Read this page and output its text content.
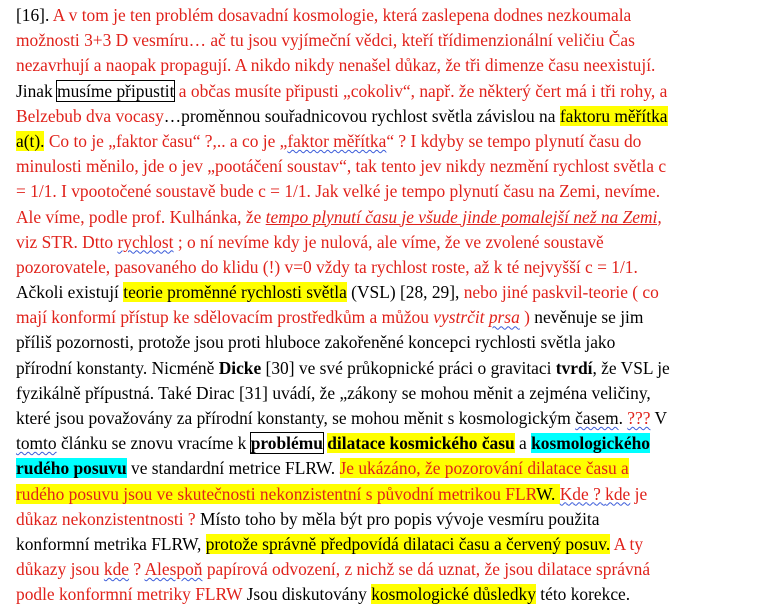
[16]. A v tom je ten problém dosavadní kosmologie, která zaslepena dodnes nezkoumala
možnosti 3+3 D vesmíru… ač tu jsou vyjímeční vědci, kteří třídimenzionální veličiu Čas
nezavrhují a naopak propagují. A nikdo nikdy nenašel důkaz, že tři dimenze času neexistují.
Jinak musíme připustit a občas musíte připusti „cokoliv“, např. že některý čert má i tři rohy, a
Belzebub dva vocasy…proměnnou souřadnicovou rychlost světla závislou na faktoru měřítka
a(t). Co to je „faktor času“ ?,.. a co je „faktor měřítka“ ? I kdyby se tempo plynutí času do
minulosti měnilo, jde o jev „pootáčení soustav“, tak tento jev nikdy nezmění rychlost světla c
= 1/1. I vpootočené soustavě bude c = 1/1. Jak velké je tempo plynutí času na Zemi, nevíme.
Ale víme, podle prof. Kulhánka, že tempo plynutí času je všude jinde pomalejší než na Zemi,
viz STR. Dtto rychlost ; o ní nevíme kdy je nulová, ale víme, že ve zvolené soustavě
pozorovatele, pasovaného do klidu (!) v=0 vždy ta rychlost roste, až k té nejvyšší c = 1/1.
Ačkoli existují teorie proměnné rychlosti světla (VSL) [28, 29], nebo jiné paskvil-teorie ( co
mají konformí přístup ke sdělovacím prostředkům a můžou vystrčit prsa ) nevěnuje se jim
příliš pozornosti, protože jsou proti hluboce zakořeněné koncepci rychlosti světla jako
přírodní konstanty. Nicméně Dicke [30] ve své průkopnické práci o gravitaci tvrdí, že VSL je
fyzikálně přípustná. Také Dirac [31] uvádí, že „zákony se mohou měnit a zejména veličiny,
které jsou považovány za přírodní konstanty, se mohou měnit s kosmologickým časem. ??? V
tomto článku se znovu vracíme k problému dilatace kosmického času a kosmologického
rudého posuvu ve standardní metrice FLRW. Je ukázáno, že pozorování dilatace času a
rudého posuvu jsou ve skutečnosti nekonzistentní s původní metrikou FLRW. Kde ? kde je
důkaz nekonzistentnosti ? Místo toho by měla být pro popis vývoje vesmíru použita
konformní metrika FLRW, protože správně předpovídá dilataci času a červený posuv. A ty
důkazy jsou kde ? Alespoň papírová odvození, z nichž se dá uznat, že jsou dilatace správná
podle konformní metriky FLRW Jsou diskutovány kosmologické důsledky této korekce.
